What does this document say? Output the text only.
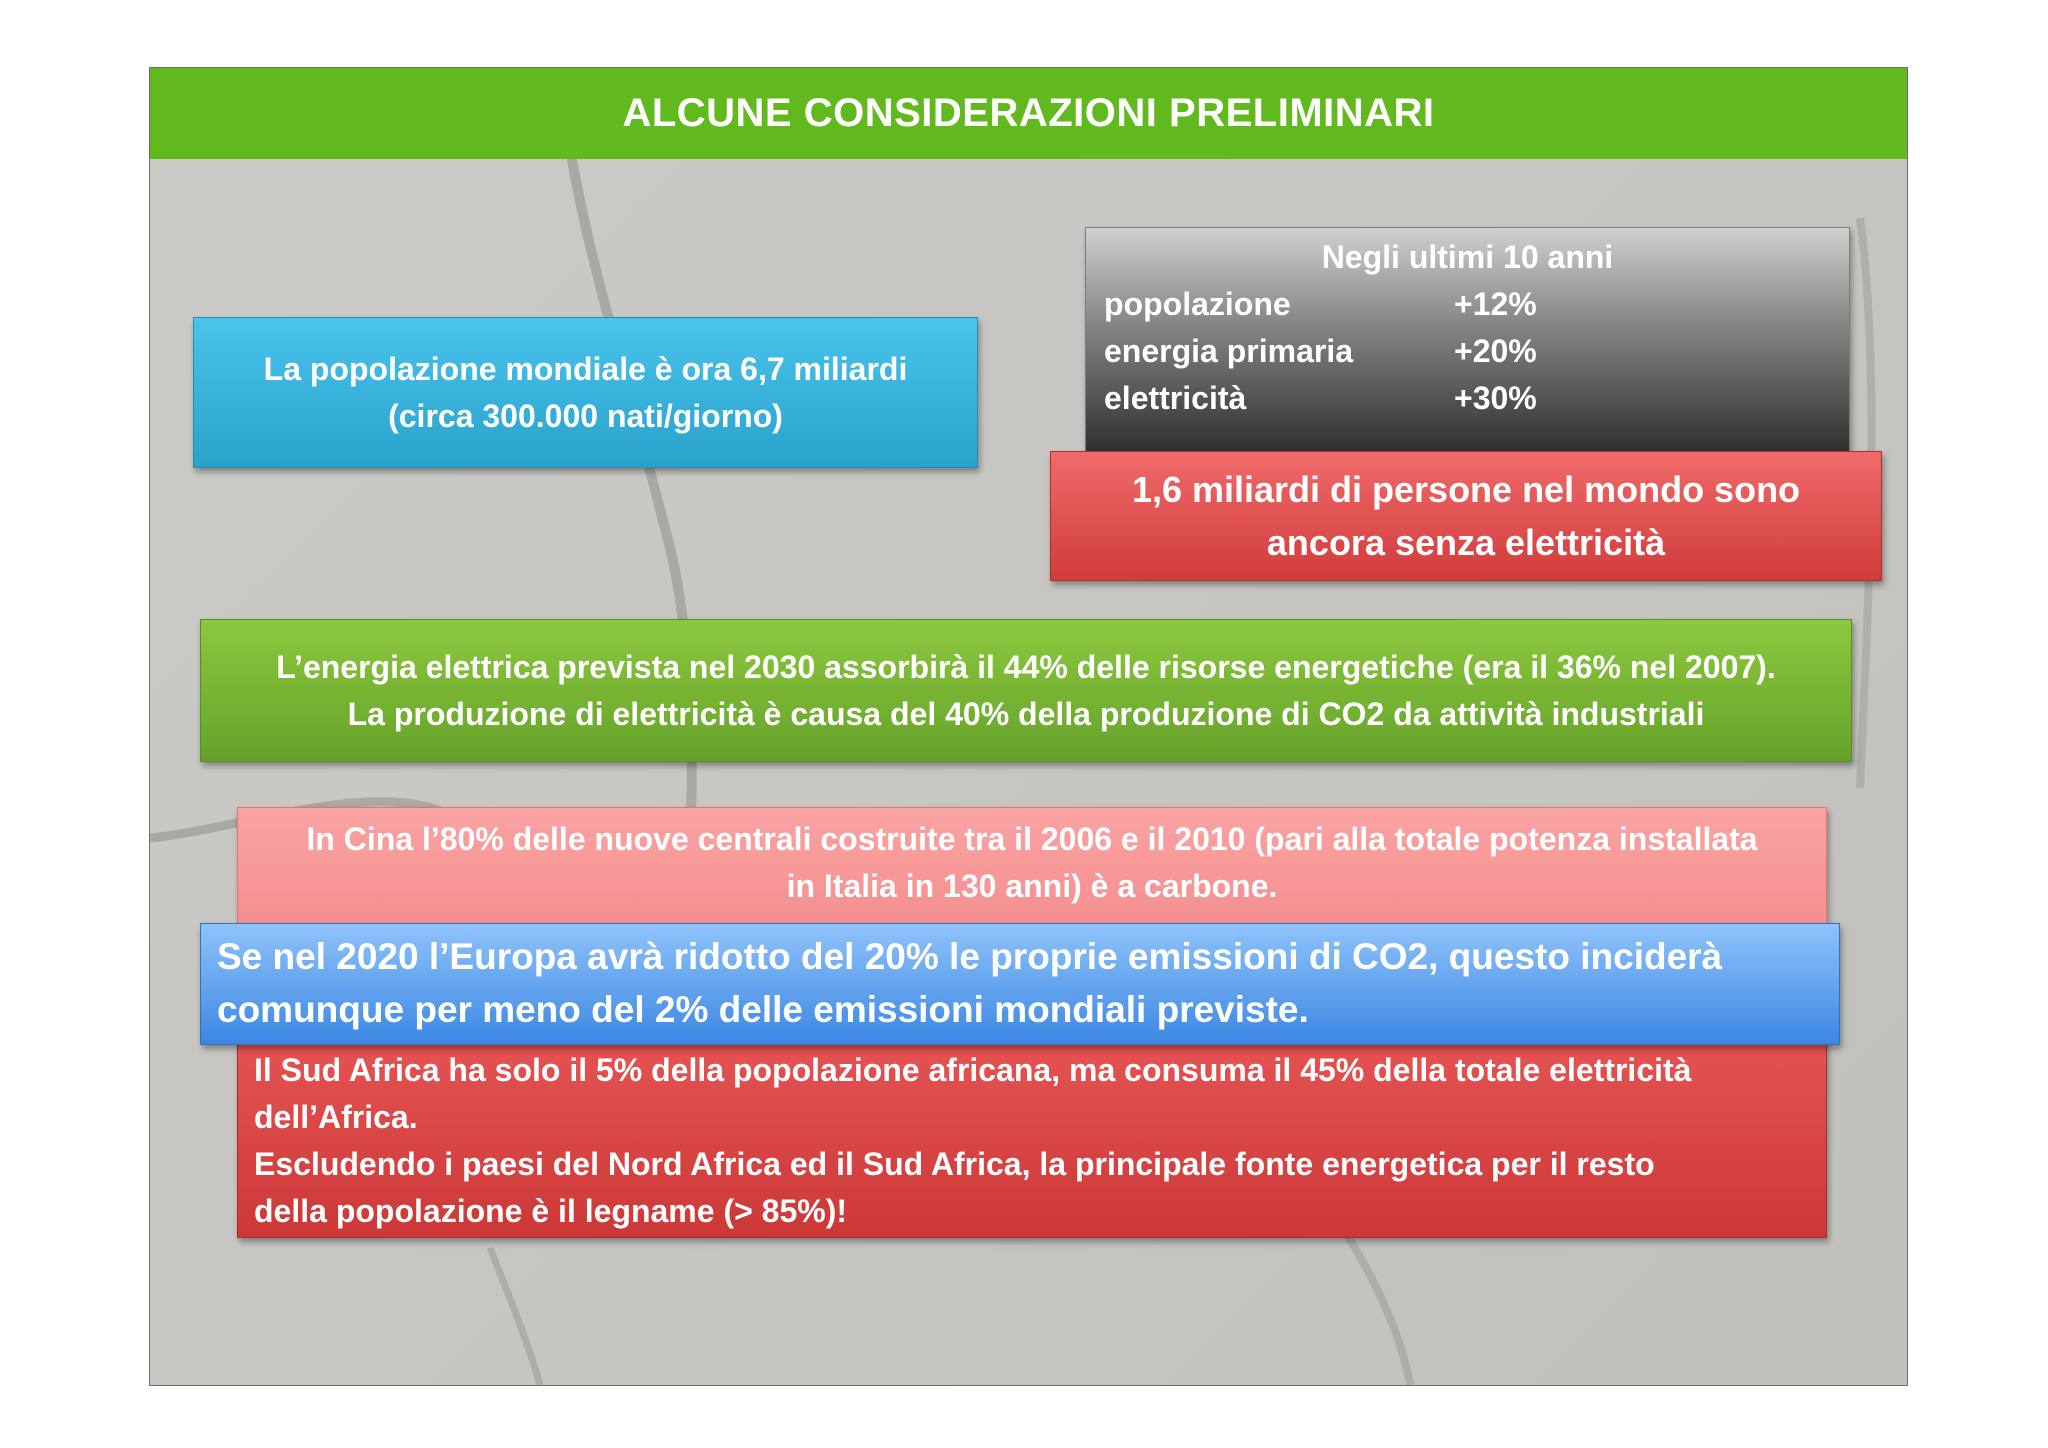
ALCUNE CONSIDERAZIONI PRELIMINARI

La popolazione mondiale è ora 6,7 miliardi

(circa 300.000 nati/giorno)

Negli ultimi 10 anni

popolazione	+12%
energia primaria	+20%
elettricità	+30%

1,6 miliardi di persone nel mondo sono

ancora senza elettricità

L’energia elettrica prevista nel 2030 assorbirà il 44% delle risorse energetiche (era il 36% nel 2007).

La produzione di elettricità è causa del 40% della produzione di CO2 da attività industriali

In Cina l’80% delle nuove centrali costruite tra il 2006 e il 2010 (pari alla totale potenza installata

in Italia in 130 anni) è a carbone.

Il Sud Africa ha solo il 5% della popolazione africana, ma consuma il 45% della totale elettricità

dell’Africa.

Escludendo i paesi del Nord Africa ed il Sud Africa, la principale fonte energetica per il resto

della popolazione è il legname (> 85%)!

Se nel 2020 l’Europa avrà ridotto del 20% le proprie emissioni di CO2, questo inciderà

comunque per meno del 2% delle emissioni mondiali previste.
